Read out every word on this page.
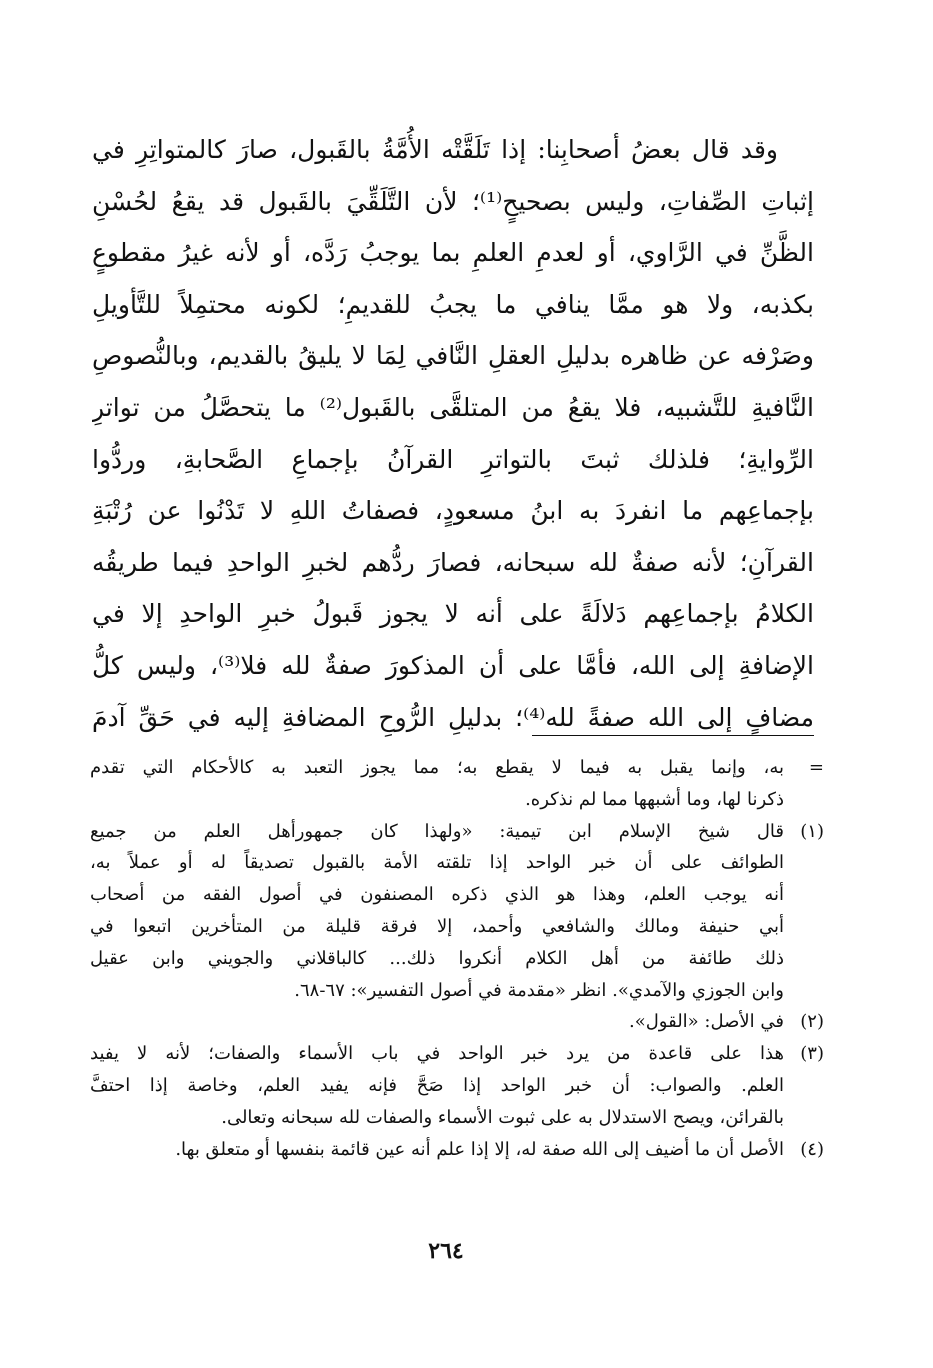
وقد قال بعضُ أصحابِنا: إذا تَلَقَّتْه الأُمَّةُ بالقَبول، صارَ كالمتواتِرِ في
إثباتِ الصِّفاتِ، وليس بصحيحٍ⁽¹⁾؛ لأن التَّلَقِّيَ بالقَبول قد يقعُ لحُسْنِ
الظَّنِّ في الرَّاوي، أو لعدمِ العلمِ بما يوجبُ رَدَّه، أو لأنه غيرُ مقطوعٍ
بكذبه، ولا هو ممَّا ينافي ما يجبُ للقديمِ؛ لكونه محتمِلاً للتَّأويلِ
وصَرْفه عن ظاهره بدليلِ العقلِ النَّافي لِمَا لا يليقُ بالقديم، وبالنُّصوصِ
النَّافيةِ للتَّشبيه، فلا يقعُ من المتلقَّى بالقَبول⁽²⁾ ما يتحصَّلُ من تواترِ
الرِّوايةِ؛ فلذلك ثبتَ بالتواترِ القرآنُ بإجماعِ الصَّحابةِ، وردُّوا
بإجماعِهم ما انفردَ به ابنُ مسعودٍ، فصفاتُ اللهِ لا تَدْنُوا عن رُتْبَةِ
القرآنِ؛ لأنه صفةٌ لله سبحانه، فصارَ ردُّهم لخبرِ الواحدِ فيما طريقُه
الكلامُ بإجماعِهم دَلالَةً على أنه لا يجوز قَبولُ خبرِ الواحدِ إلا في
الإضافةِ إلى الله، فأمَّا على أن المذكورَ صفةٌ لله فلا⁽³⁾، وليس كلُّ
مضافٍ إلى الله صفةً لله⁽⁴⁾؛ بدليلِ الرُّوحِ المضافةِ إليه في حَقِّ آدمَ
=
به، وإنما يقبل به فيما لا يقطع به؛ مما يجوز التعبد به كالأحكام التي تقدم
ذكرنا لها، وما أشبهها مما لم نذكره.
(١)
قال شيخ الإسلام ابن تيمية: «ولهذا كان جمهورأهل العلم من جميع
الطوائف على أن خبر الواحد إذا تلقته الأمة بالقبول تصديقاً له أو عملاً به،
أنه يوجب العلم، وهذا هو الذي ذكره المصنفون في أصول الفقه من أصحاب
أبي حنيفة ومالك والشافعي وأحمد، إلا فرقة قليلة من المتأخرين اتبعوا في
ذلك طائفة من أهل الكلام أنكروا ذلك... كالباقلاني والجويني وابن عقيل
وابن الجوزي والآمدي». انظر «مقدمة في أصول التفسير»: ٦٧-٦٨.
(٢)
في الأصل: «القول».
(٣)
هذا على قاعدة من يرد خبر الواحد في باب الأسماء والصفات؛ لأنه لا يفيد
العلم. والصواب: أن خبر الواحد إذا صَحَّ فإنه يفيد العلم، وخاصة إذا احتفَّ
بالقرائن، ويصح الاستدلال به على ثبوت الأسماء والصفات لله سبحانه وتعالى.
(٤)
الأصل أن ما أضيف إلى الله صفة له، إلا إذا علم أنه عين قائمة بنفسها أو متعلق بها.
٢٦٤
